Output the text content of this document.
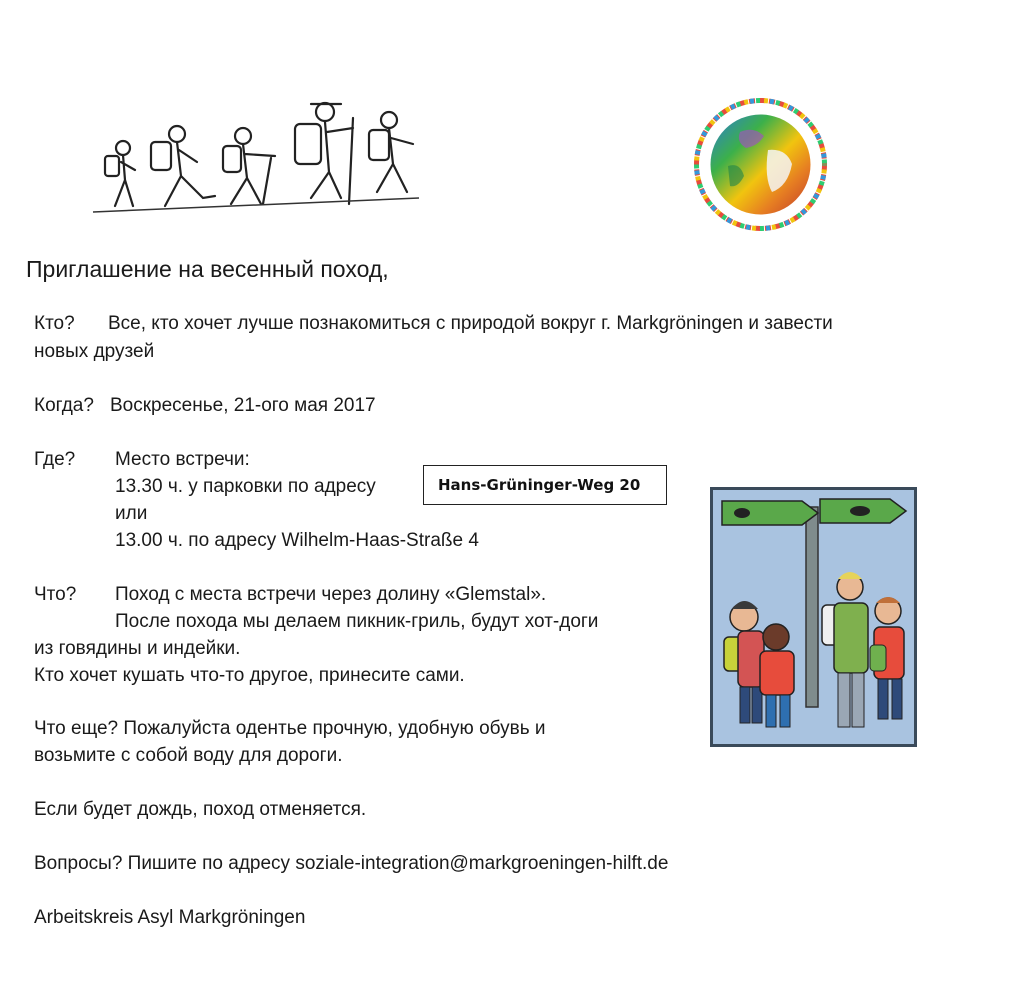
Приглашение на весенный поход,
Кто? Все, кто хочет лучше познакомиться с природой вокруг г. Markgröningen и завести
новых друзей
Когда? Воскресенье, 21-ого мая 2017
Где? Место встречи:
13.30 ч. у парковки по адресу	Hans-Grüninger-Weg 20
или
13.00 ч. по адресу Wilhelm-Haas-Straße 4
Что? Поход с места встречи через долину «Glemstal».
После похода мы делаем пикник-гриль, будут хот-доги
из говядины и индейки.
Кто хочет кушать что-то другое, принесите сами.
Что еще? Пожалуйста одентье прочную, удобную обувь и
возьмите с собой воду для дороги.
Если будет дождь, поход отменяется.
Вопросы? Пишите по адресу soziale-integration@markgroeningen-hilft.de
Arbeitskreis Asyl Markgröningen
